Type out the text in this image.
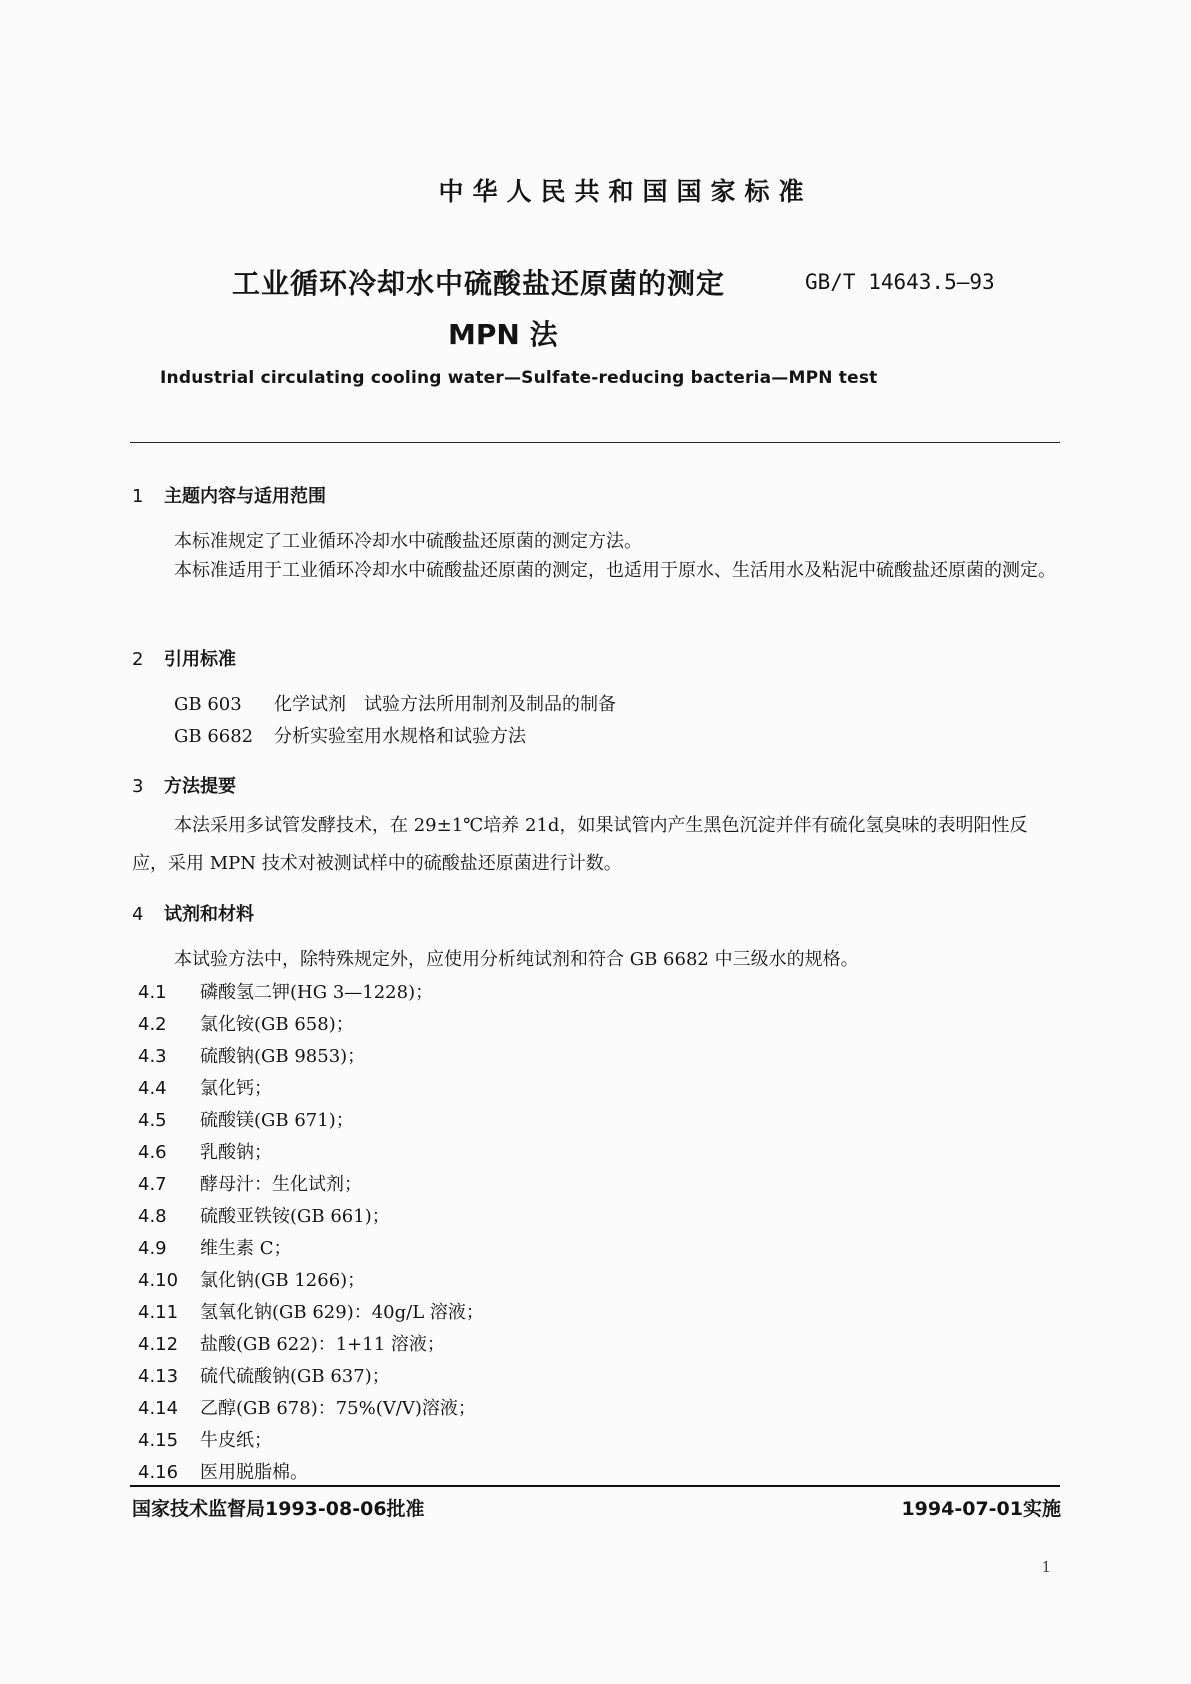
中华人民共和国国家标准
工业循环冷却水中硫酸盐还原菌的测定	GB/T 14643.5—93
MPN 法
Industrial circulating cooling water—Sulfate-reducing bacteria—MPN test
1 主题内容与适用范围
本标准规定了工业循环冷却水中硫酸盐还原菌的测定方法。
本标准适用于工业循环冷却水中硫酸盐还原菌的测定，也适用于原水、生活用水及粘泥中硫酸盐还原菌的测定。
2 引用标准
GB 603 化学试剂　试验方法所用制剂及制品的制备
GB 6682 分析实验室用水规格和试验方法
3 方法提要
本法采用多试管发酵技术，在 29±1℃培养 21d，如果试管内产生黑色沉淀并伴有硫化氢臭味的表明阳性反应，采用 MPN 技术对被测试样中的硫酸盐还原菌进行计数。
4 试剂和材料
本试验方法中，除特殊规定外，应使用分析纯试剂和符合 GB 6682 中三级水的规格。
4.1 磷酸氢二钾(HG 3—1228)；
4.2 氯化铵(GB 658)；
4.3 硫酸钠(GB 9853)；
4.4 氯化钙；
4.5 硫酸镁(GB 671)；
4.6 乳酸钠；
4.7 酵母汁：生化试剂；
4.8 硫酸亚铁铵(GB 661)；
4.9 维生素 C；
4.10 氯化钠(GB 1266)；
4.11 氢氧化钠(GB 629)：40g/L 溶液；
4.12 盐酸(GB 622)：1+11 溶液；
4.13 硫代硫酸钠(GB 637)；
4.14 乙醇(GB 678)：75%(V/V)溶液；
4.15 牛皮纸；
4.16 医用脱脂棉。
国家技术监督局1993-08-06批准	1994-07-01实施
1
